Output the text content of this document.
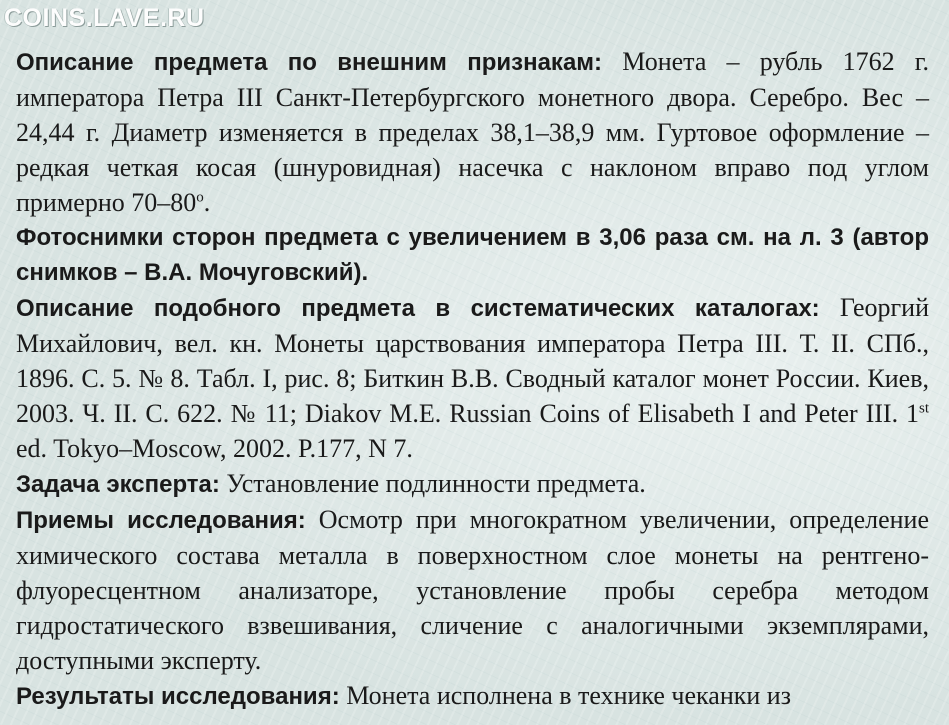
COINS.LAVE.RU

Описание предмета по внешним признакам: Монета – рубль 1762 г. императора Петра III Санкт-Петербургского монетного двора. Серебро. Вес – 24,44 г. Диаметр изменяется в пределах 38,1–38,9 мм. Гуртовое оформление – редкая четкая косая (шнуровидная) насечка с наклоном вправо под углом примерно $70-80^о$.

Фотоснимки сторон предмета с увеличением в 3,06 раза см. на л. 3 (автор снимков – В.А. Мочуговский).

Описание подобного предмета в систематических каталогах: Георгий Михайлович, вел. кн. Монеты царствования императора Петра III. Т. II. СПб., 1896. С. 5. № 8. Табл. I, рис. 8; Биткин В.В. Сводный каталог монет России. Киев, 2003. Ч. II. С. 622. № 11; Diakov M.E. Russian Coins of Elisabeth I and Peter III. 1st ed. Tokyo–Moscow, 2002. P.177, N 7.

Задача эксперта: Установление подлинности предмета.

Приемы исследования: Осмотр при многократном увеличении, определение химического состава металла в поверхностном слое монеты на рентгено-флуоресцентном анализаторе, установление пробы серебра методом гидростатического взвешивания, сличение с аналогичными экземплярами, доступными эксперту.

Результаты исследования: Монета исполнена в технике чеканки из
